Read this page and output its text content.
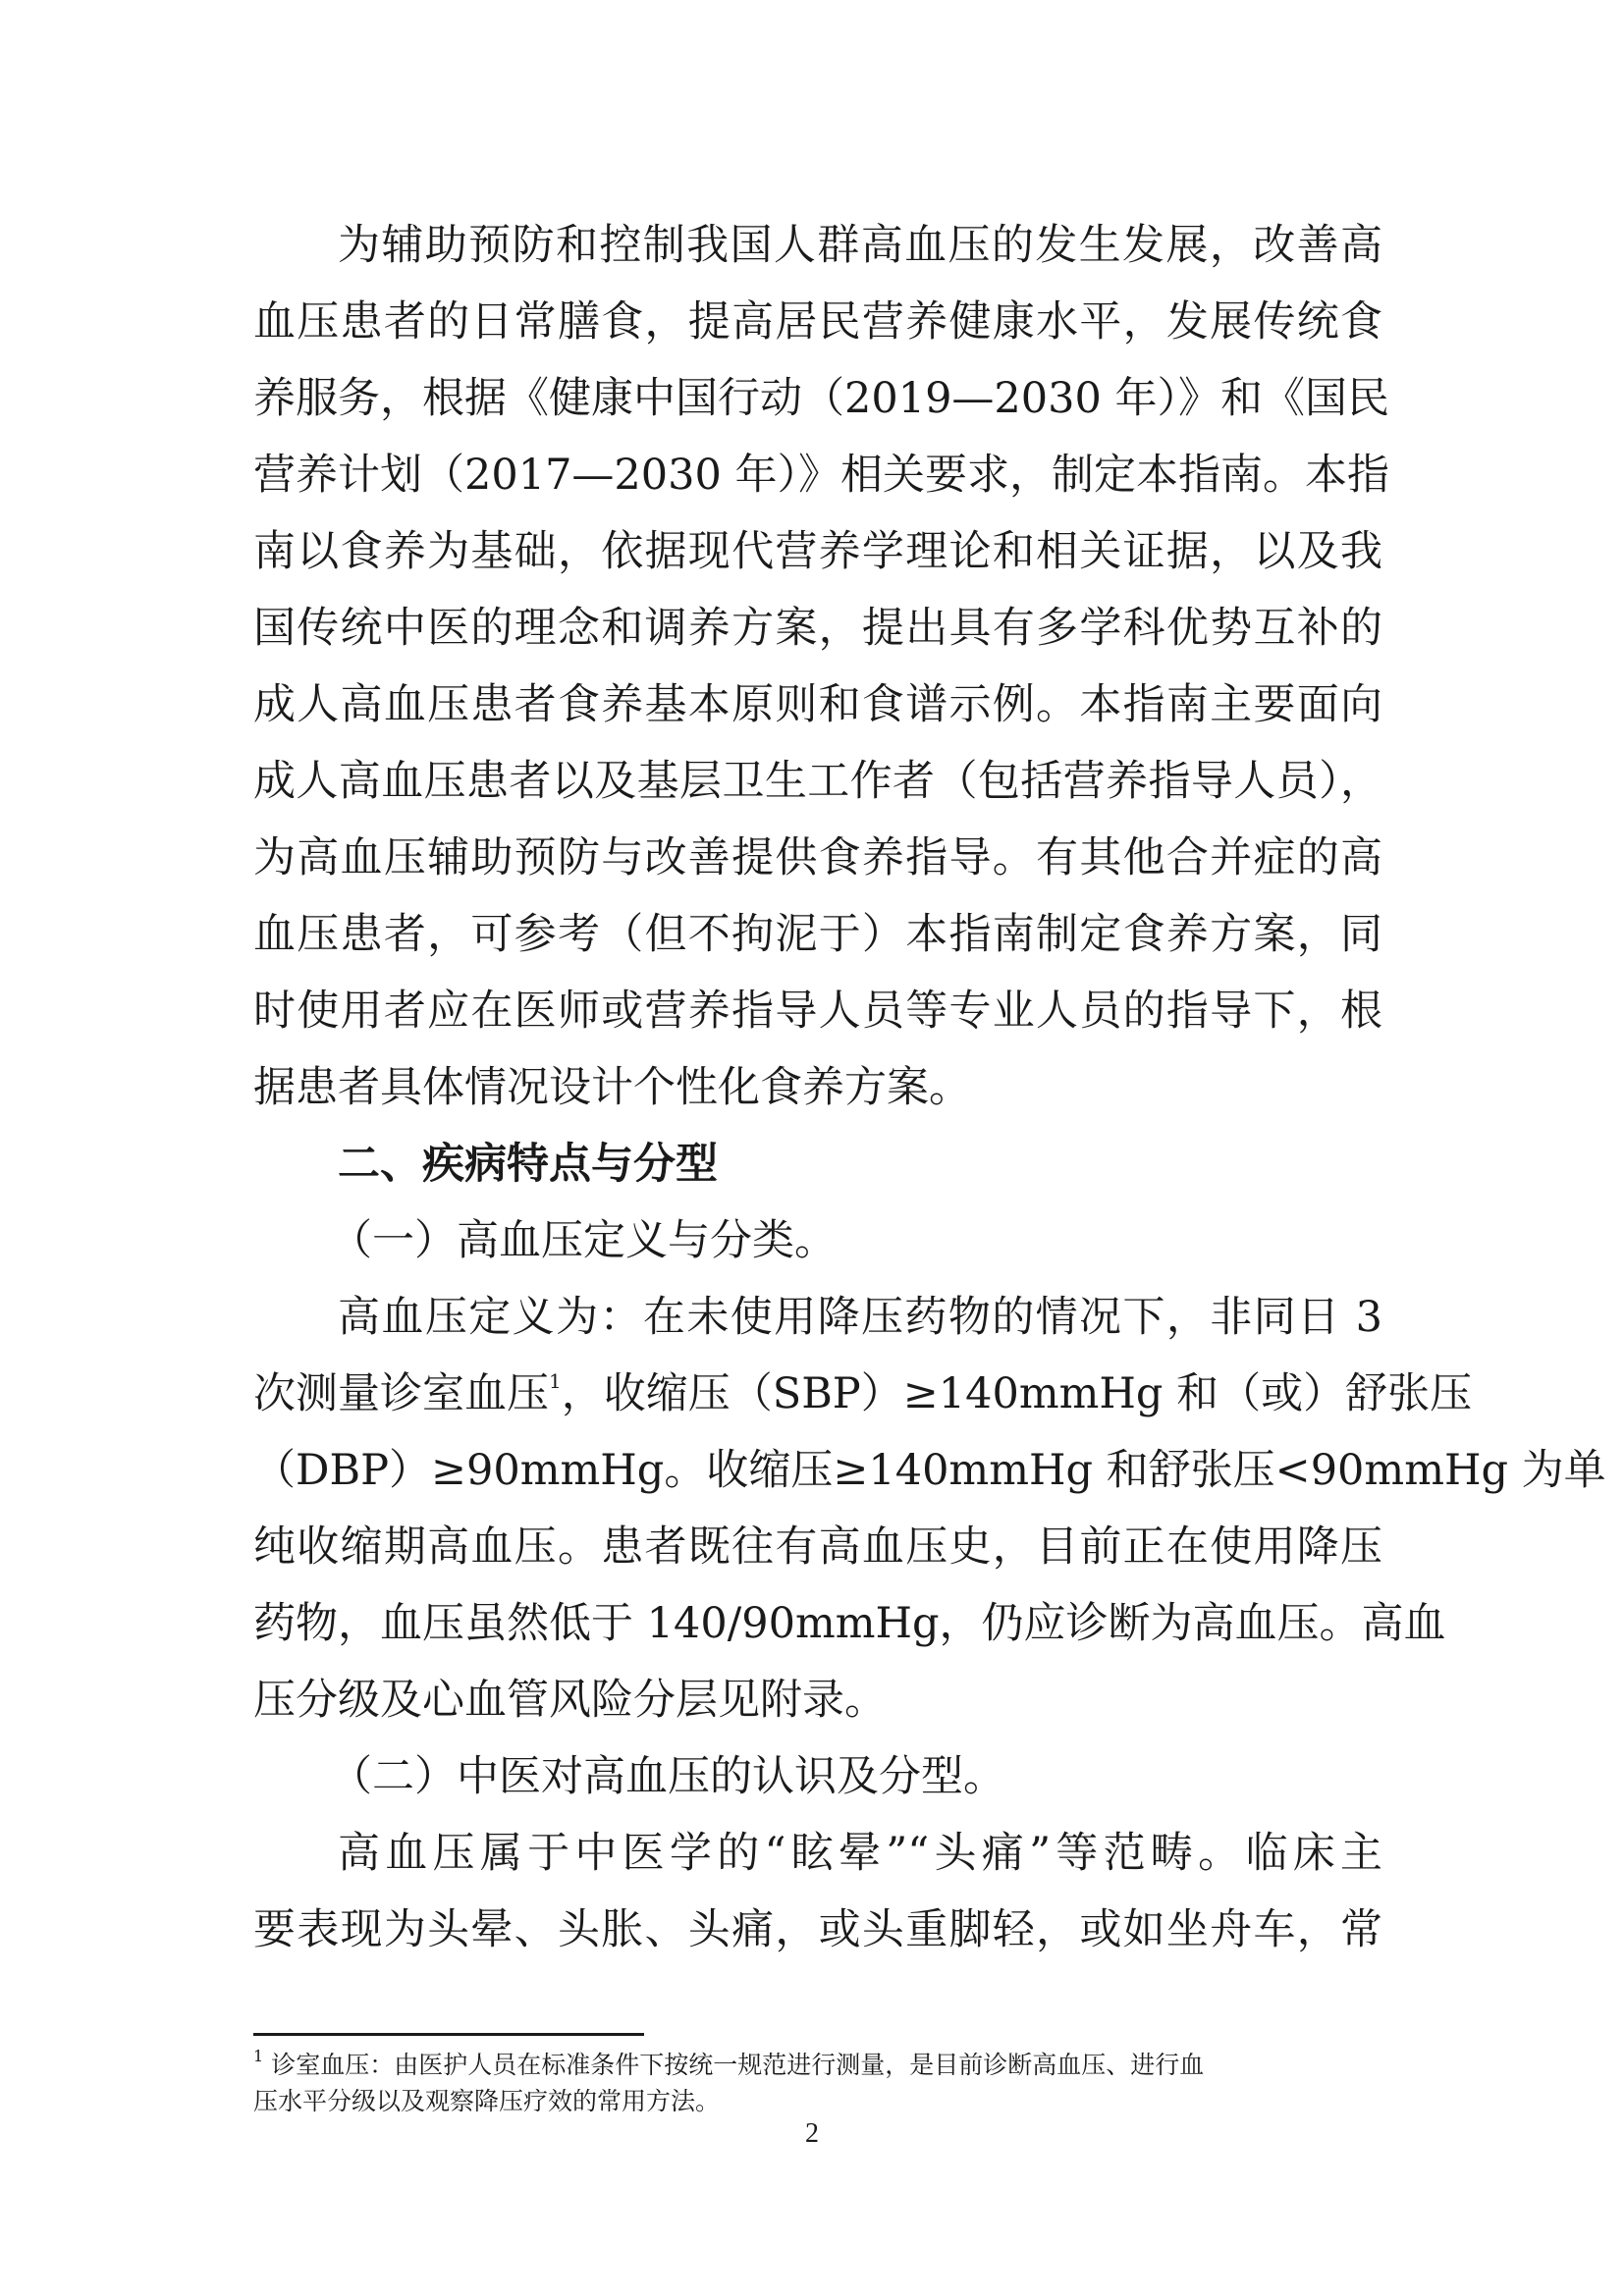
为辅助预防和控制我国人群高血压的发生发展，改善高
血压患者的日常膳食，提高居民营养健康水平，发展传统食
养服务，根据《健康中国行动（2019—2030 年）》和《国民
营养计划（2017—2030 年）》相关要求，制定本指南。本指
南以食养为基础，依据现代营养学理论和相关证据，以及我
国传统中医的理念和调养方案，提出具有多学科优势互补的
成人高血压患者食养基本原则和食谱示例。本指南主要面向
成人高血压患者以及基层卫生工作者（包括营养指导人员），
为高血压辅助预防与改善提供食养指导。有其他合并症的高
血压患者，可参考（但不拘泥于）本指南制定食养方案，同
时使用者应在医师或营养指导人员等专业人员的指导下，根
据患者具体情况设计个性化食养方案。
二、疾病特点与分型
（一）高血压定义与分类。
高血压定义为：在未使用降压药物的情况下，非同日 3
次测量诊室血压$^1$，收缩压（SBP）≥140mmHg 和（或）舒张压
（DBP）≥90mmHg。收缩压≥140mmHg 和舒张压<90mmHg 为单
纯收缩期高血压。患者既往有高血压史，目前正在使用降压
药物，血压虽然低于 140/90mmHg，仍应诊断为高血压。高血
压分级及心血管风险分层见附录。
（二）中医对高血压的认识及分型。
高血压属于中医学的“眩晕”“头痛”等范畴。临床主
要表现为头晕、头胀、头痛，或头重脚轻，或如坐舟车，常
$^1$ 诊室血压：由医护人员在标准条件下按统一规范进行测量，是目前诊断高血压、进行血
压水平分级以及观察降压疗效的常用方法。
2
